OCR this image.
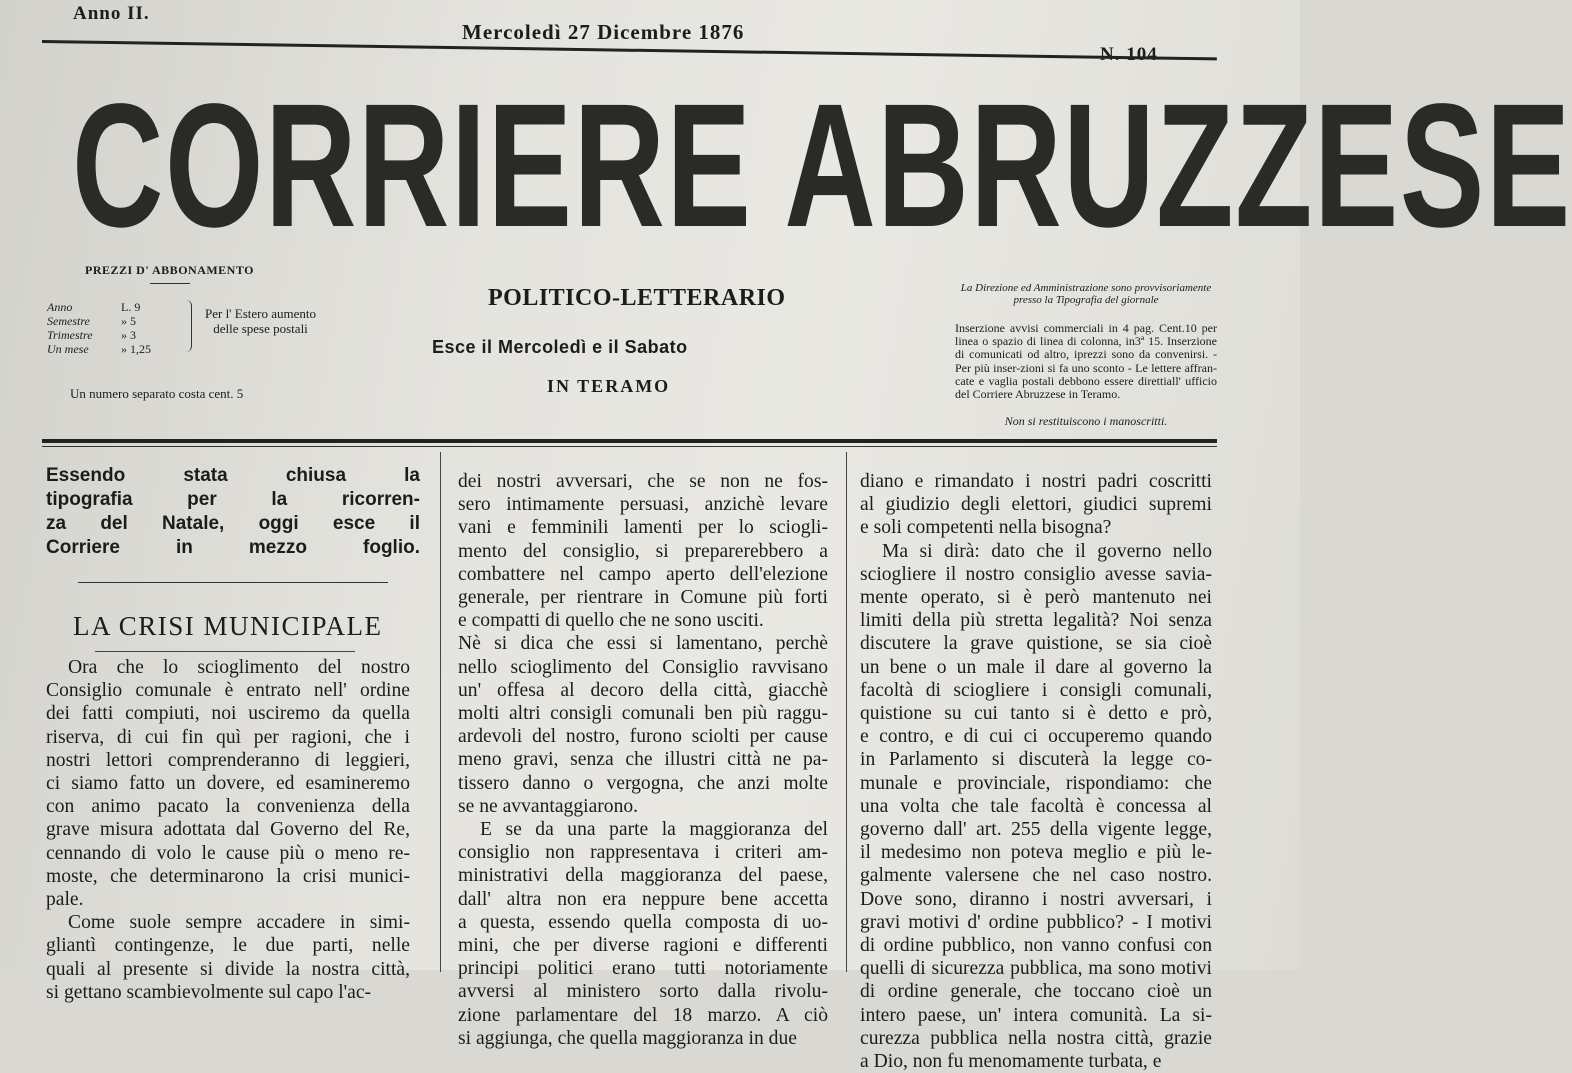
Anno II.
Mercoledì 27 Dicembre 1876
N. 104
CORRIERE ABRUZZESE
PREZZI D' ABBONAMENTO
Anno	L. 9
Semestre	» 5
Trimestre	» 3
Un mese	» 1,25
Per l' Estero aumento delle spese postali
Un numero separato costa cent. 5
POLITICO-LETTERARIO
Esce il Mercoledì e il Sabato
IN TERAMO
La Direzione ed Amministrazione sono provvisoriamente presso la Tipografia del giornale
Inserzione avvisi commerciali in 4 pag. Cent.10 per linea o spazio di linea di colonna, in3ª 15. Inserzione di comunicati od altro, iprezzi sono da convenirsi. - Per più inser-zioni si fa uno sconto - Le lettere affran-cate e vaglia postali debbono essere direttiall' ufficio del Corriere Abruzzese in Teramo.
Non si restituiscono i manoscritti.
Essendo stata chiusa la
tipografia per la ricorren-
za del Natale, oggi esce il
Corriere in mezzo foglio.
LA CRISI MUNICIPALE
Ora che lo scioglimento del nostro
Consiglio comunale è entrato nell' ordine
dei fatti compiuti, noi usciremo da quella
riserva, di cui fin quì per ragioni, che i
nostri lettori comprenderanno di leggieri,
ci siamo fatto un dovere, ed esamineremo
con animo pacato la convenienza della
grave misura adottata dal Governo del Re,
cennando di volo le cause più o meno re-
moste, che determinarono la crisi munici-
pale.
Come suole sempre accadere in simi-
gliantì contingenze, le due parti, nelle
quali al presente si divide la nostra città,
si gettano scambievolmente sul capo l'ac-
dei nostri avversari, che se non ne fos-
sero intimamente persuasi, anzichè levare
vani e femminili lamenti per lo sciogli-
mento del consiglio, si preparerebbero a
combattere nel campo aperto dell'elezione
generale, per rientrare in Comune più forti
e compatti di quello che ne sono usciti.
Nè si dica che essi si lamentano, perchè
nello scioglimento del Consiglio ravvisano
un' offesa al decoro della città, giacchè
molti altri consigli comunali ben più raggu-
ardevoli del nostro, furono sciolti per cause
meno gravi, senza che illustri città ne pa-
tissero danno o vergogna, che anzi molte
se ne avvantaggiarono.
E se da una parte la maggioranza del
consiglio non rappresentava i criteri am-
ministrativi della maggioranza del paese,
dall' altra non era neppure bene accetta
a questa, essendo quella composta di uo-
mini, che per diverse ragioni e differenti
principi politici erano tutti notoriamente
avversi al ministero sorto dalla rivolu-
zione parlamentare del 18 marzo. A ciò
si aggiunga, che quella maggioranza in due
diano e rimandato i nostri padri coscritti
al giudizio degli elettori, giudici supremi
e soli competenti nella bisogna?
Ma si dirà: dato che il governo nello
sciogliere il nostro consiglio avesse savia-
mente operato, si è però mantenuto nei
limiti della più stretta legalità? Noi senza
discutere la grave quistione, se sia cioè
un bene o un male il dare al governo la
facoltà di sciogliere i consigli comunali,
quistione su cui tanto si è detto e prò,
e contro, e di cui ci occuperemo quando
in Parlamento si discuterà la legge co-
munale e provinciale, rispondiamo: che
una volta che tale facoltà è concessa al
governo dall' art. 255 della vigente legge,
il medesimo non poteva meglio e più le-
galmente valersene che nel caso nostro.
Dove sono, diranno i nostri avversari, i
gravi motivi d' ordine pubblico? - I motivi
di ordine pubblico, non vanno confusi con
quelli di sicurezza pubblica, ma sono motivi
di ordine generale, che toccano cioè un
intero paese, un' intera comunità. La si-
curezza pubblica nella nostra città, grazie
a Dio, non fu menomamente turbata, e
